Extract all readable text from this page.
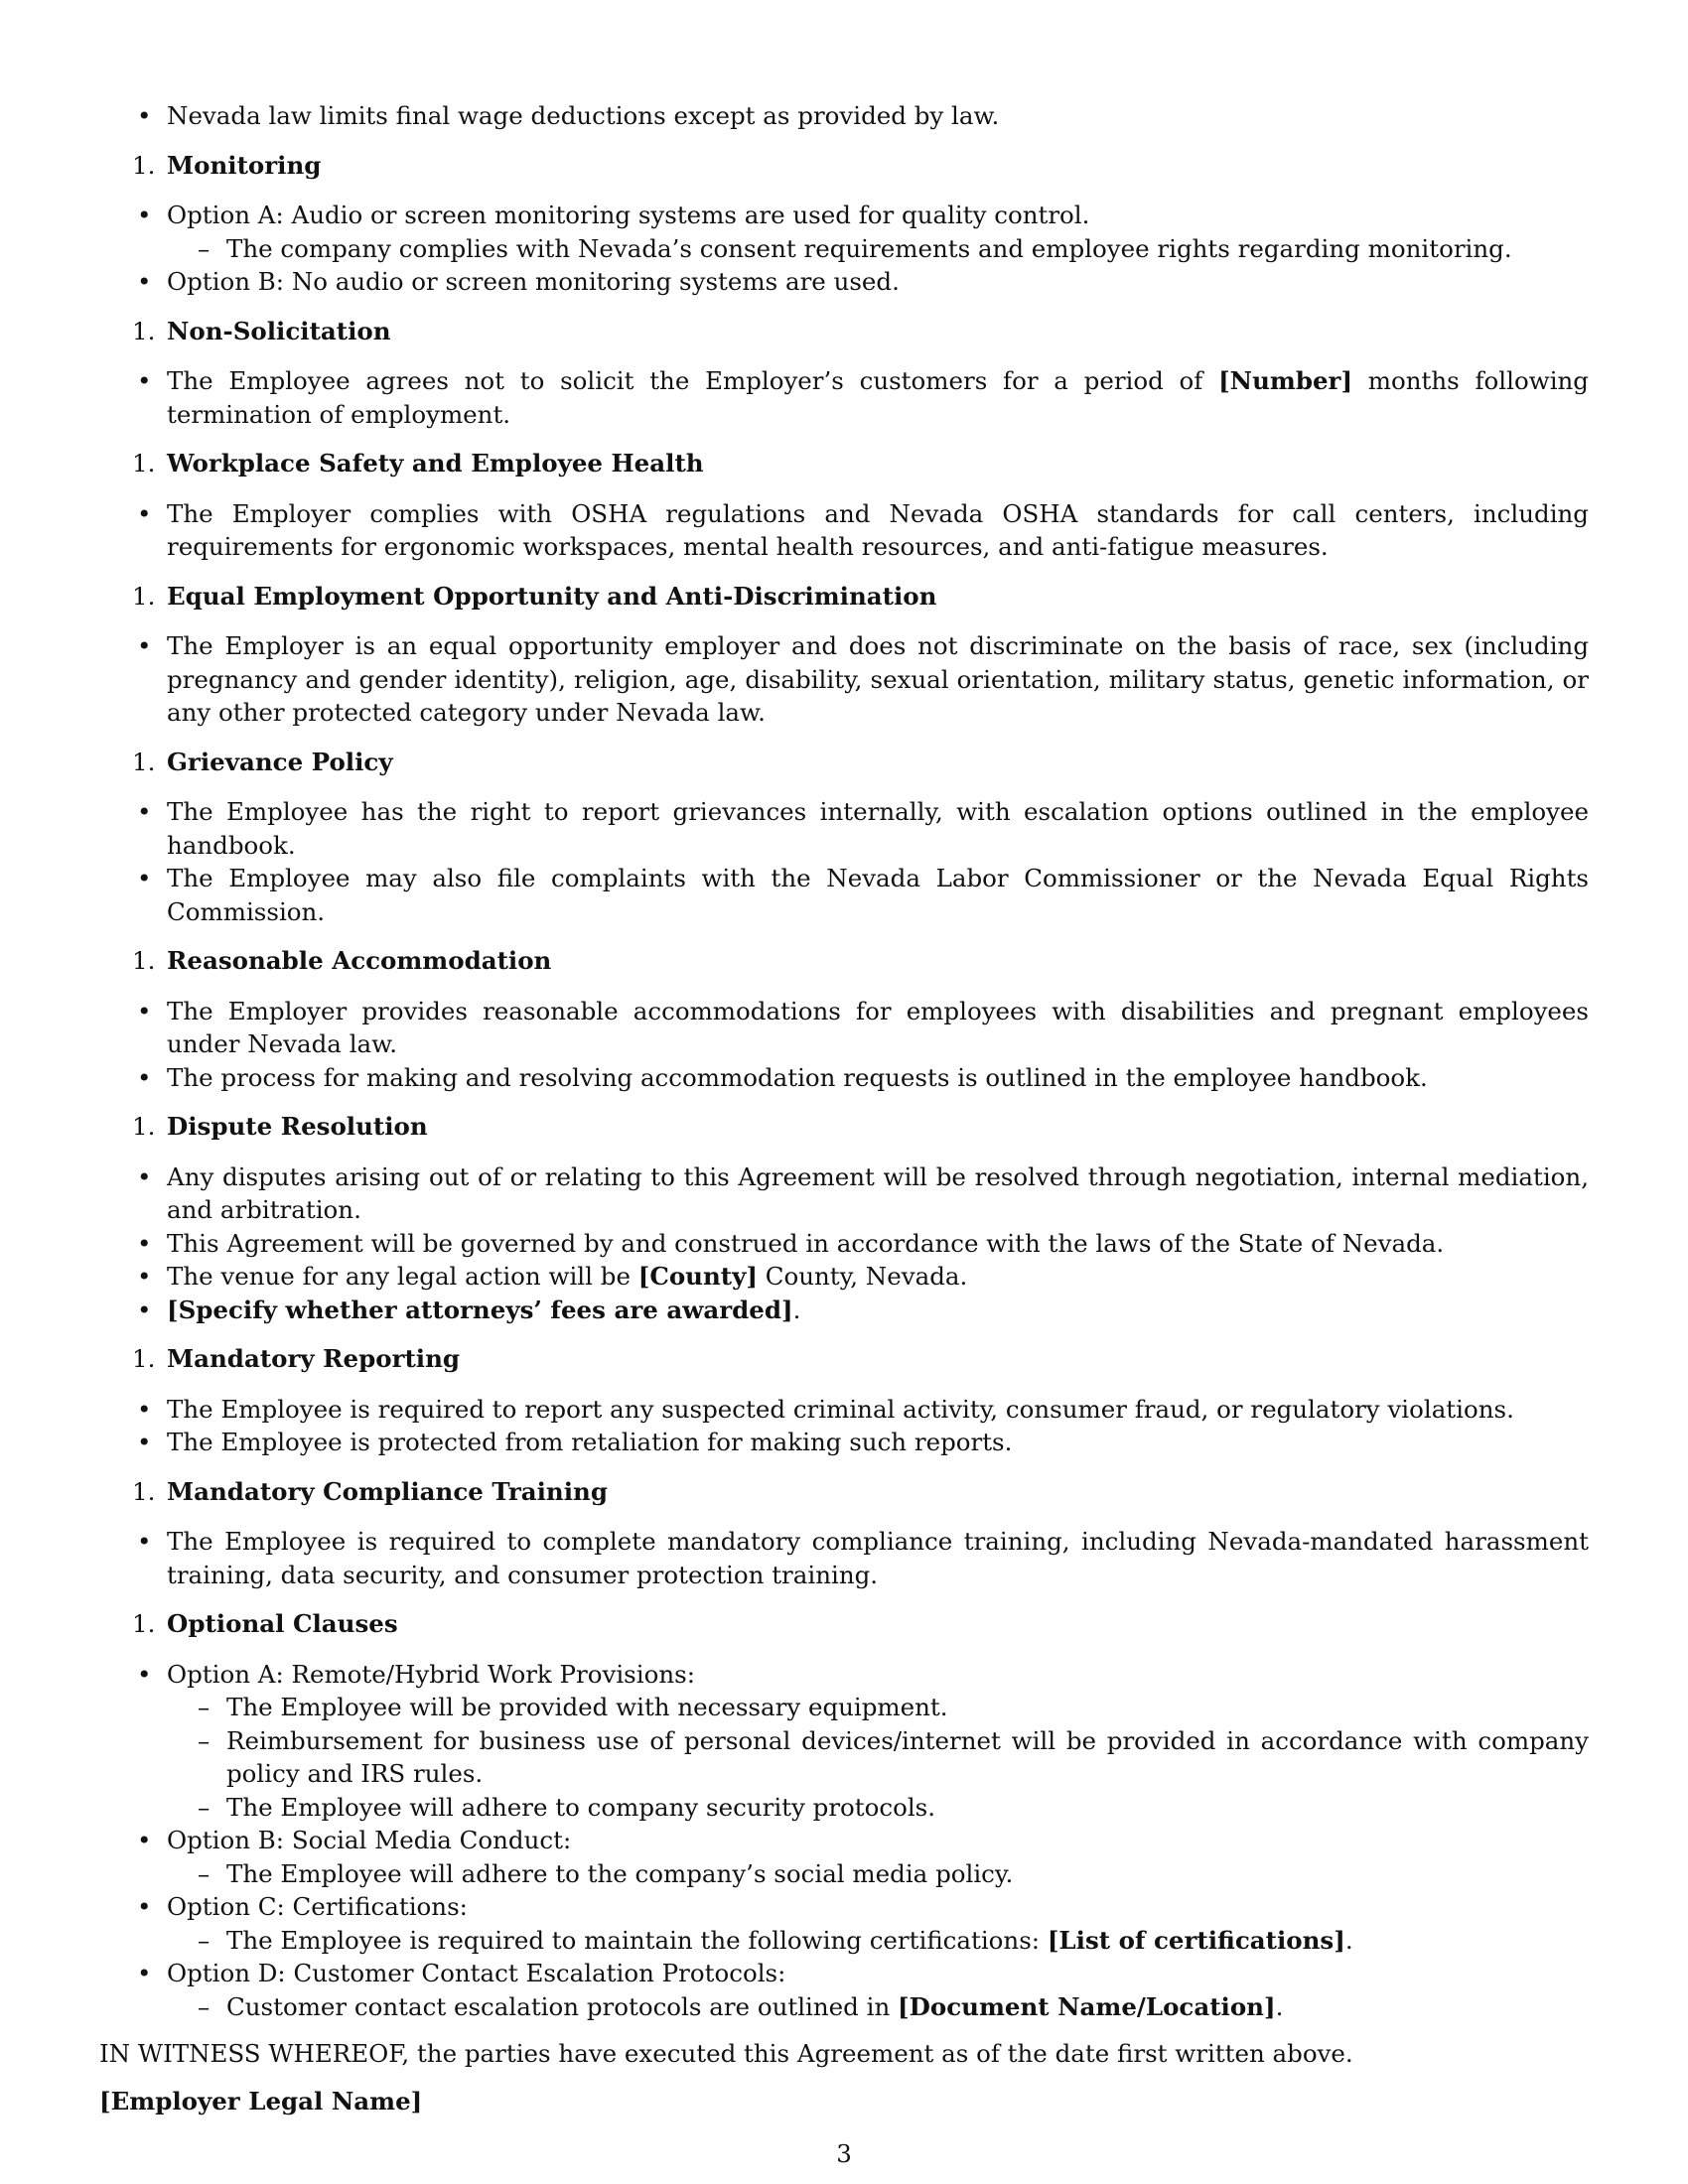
• Nevada law limits final wage deductions except as provided by law.
1. Monitoring
• Option A: Audio or screen monitoring systems are used for quality control.
– The company complies with Nevada’s consent requirements and employee rights regarding monitoring.
• Option B: No audio or screen monitoring systems are used.
1. Non-Solicitation
• The Employee agrees not to solicit the Employer’s customers for a period of [Number] months following termination of employment.
1. Workplace Safety and Employee Health
• The Employer complies with OSHA regulations and Nevada OSHA standards for call centers, including requirements for ergonomic workspaces, mental health resources, and anti-fatigue measures.
1. Equal Employment Opportunity and Anti-Discrimination
• The Employer is an equal opportunity employer and does not discriminate on the basis of race, sex (including pregnancy and gender identity), religion, age, disability, sexual orientation, military status, genetic information, or any other protected category under Nevada law.
1. Grievance Policy
• The Employee has the right to report grievances internally, with escalation options outlined in the employee handbook.
• The Employee may also file complaints with the Nevada Labor Commissioner or the Nevada Equal Rights Commission.
1. Reasonable Accommodation
• The Employer provides reasonable accommodations for employees with disabilities and pregnant employees under Nevada law.
• The process for making and resolving accommodation requests is outlined in the employee handbook.
1. Dispute Resolution
• Any disputes arising out of or relating to this Agreement will be resolved through negotiation, internal mediation, and arbitration.
• This Agreement will be governed by and construed in accordance with the laws of the State of Nevada.
• The venue for any legal action will be [County] County, Nevada.
• [Specify whether attorneys’ fees are awarded].
1. Mandatory Reporting
• The Employee is required to report any suspected criminal activity, consumer fraud, or regulatory violations.
• The Employee is protected from retaliation for making such reports.
1. Mandatory Compliance Training
• The Employee is required to complete mandatory compliance training, including Nevada-mandated harassment training, data security, and consumer protection training.
1. Optional Clauses
• Option A: Remote/Hybrid Work Provisions:
– The Employee will be provided with necessary equipment.
– Reimbursement for business use of personal devices/internet will be provided in accordance with company policy and IRS rules.
– The Employee will adhere to company security protocols.
• Option B: Social Media Conduct:
– The Employee will adhere to the company’s social media policy.
• Option C: Certifications:
– The Employee is required to maintain the following certifications: [List of certifications].
• Option D: Customer Contact Escalation Protocols:
– Customer contact escalation protocols are outlined in [Document Name/Location].
IN WITNESS WHEREOF, the parties have executed this Agreement as of the date first written above.
[Employer Legal Name]
3
